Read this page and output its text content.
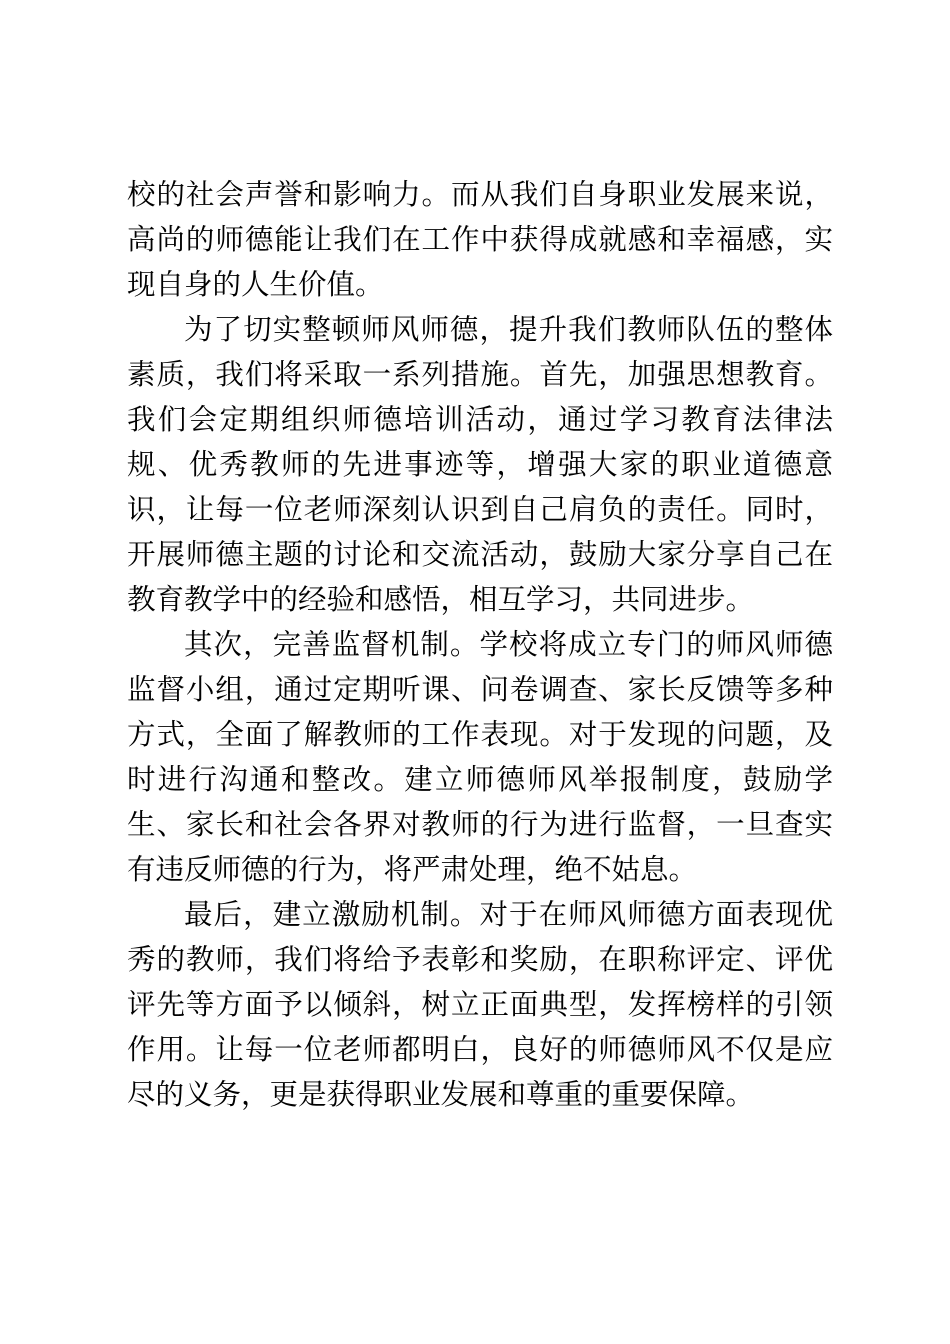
校的社会声誉和影响力。而从我们自身职业发展来说，高尚的师德能让我们在工作中获得成就感和幸福感，实现自身的人生价值。

为了切实整顿师风师德，提升我们教师队伍的整体素质，我们将采取一系列措施。首先，加强思想教育。我们会定期组织师德培训活动，通过学习教育法律法规、优秀教师的先进事迹等，增强大家的职业道德意识，让每一位老师深刻认识到自己肩负的责任。同时，开展师德主题的讨论和交流活动，鼓励大家分享自己在教育教学中的经验和感悟，相互学习，共同进步。

其次，完善监督机制。学校将成立专门的师风师德监督小组，通过定期听课、问卷调查、家长反馈等多种方式，全面了解教师的工作表现。对于发现的问题，及时进行沟通和整改。建立师德师风举报制度，鼓励学生、家长和社会各界对教师的行为进行监督，一旦查实有违反师德的行为，将严肃处理，绝不姑息。

最后，建立激励机制。对于在师风师德方面表现优秀的教师，我们将给予表彰和奖励，在职称评定、评优评先等方面予以倾斜，树立正面典型，发挥榜样的引领作用。让每一位老师都明白，良好的师德师风不仅是应尽的义务，更是获得职业发展和尊重的重要保障。
